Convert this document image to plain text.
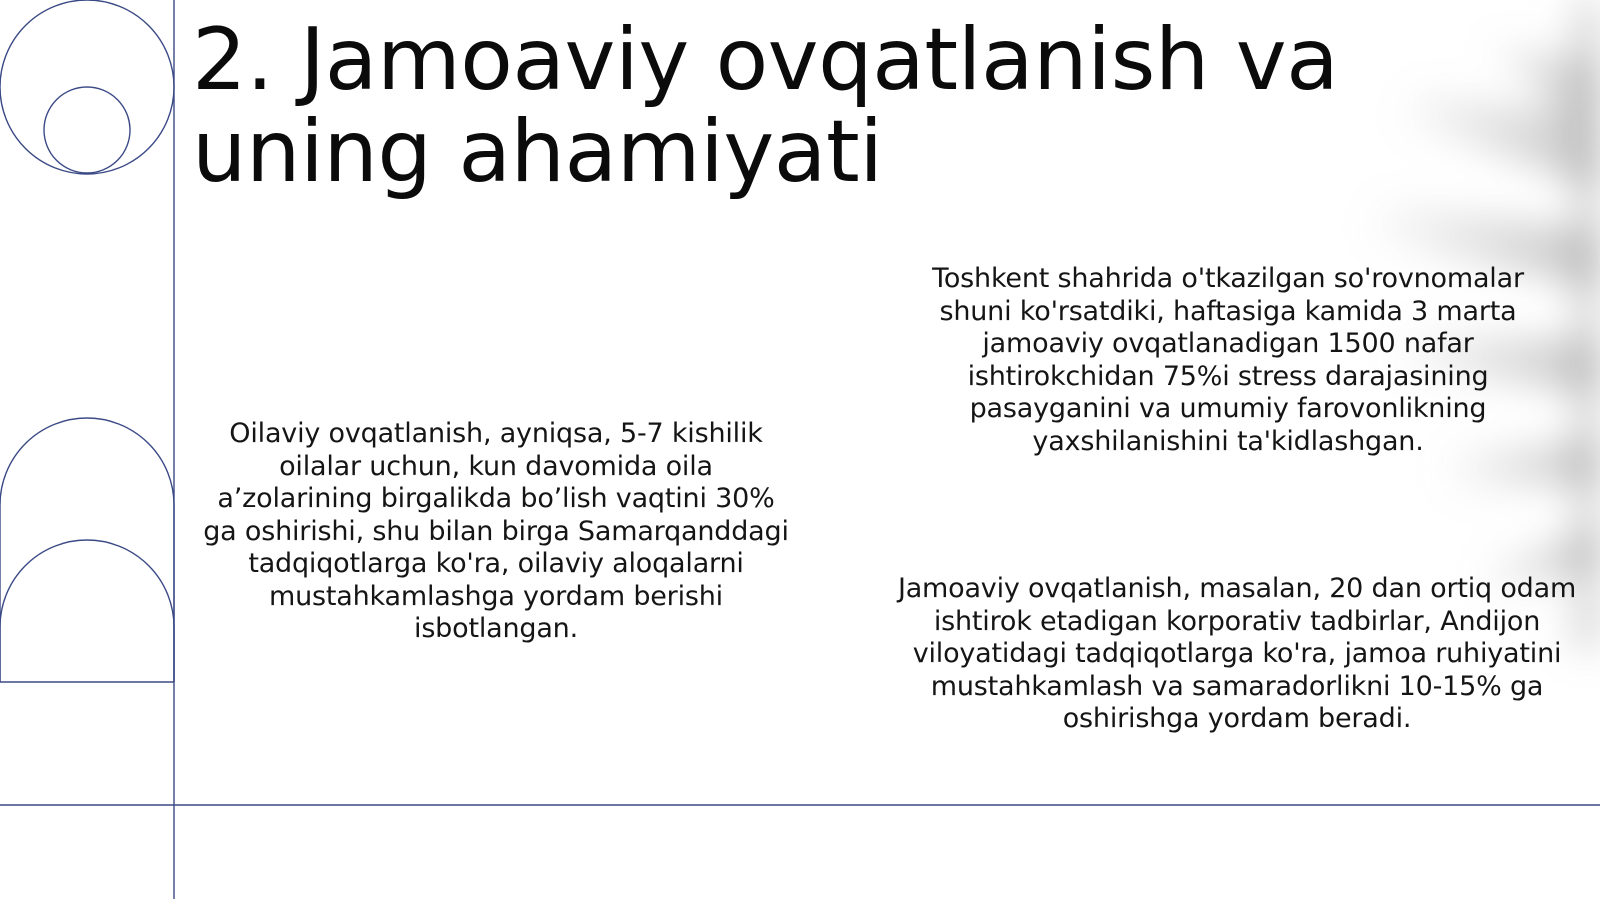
2. Jamoaviy ovqatlanish va uning ahamiyati

Oilaviy ovqatlanish, ayniqsa, 5-7 kishilik oilalar uchun, kun davomida oila a’zolarining birgalikda bo’lish vaqtini 30% ga oshirishi, shu bilan birga Samarqanddagi tadqiqotlarga ko'ra, oilaviy aloqalarni mustahkamlashga yordam berishi isbotlangan.

Toshkent shahrida o'tkazilgan so'rovnomalar shuni ko'rsatdiki, haftasiga kamida 3 marta jamoaviy ovqatlanadigan 1500 nafar ishtirokchidan 75%i stress darajasining pasayganini va umumiy farovonlikning yaxshilanishini ta'kidlashgan.

Jamoaviy ovqatlanish, masalan, 20 dan ortiq odam ishtirok etadigan korporativ tadbirlar, Andijon viloyatidagi tadqiqotlarga ko'ra, jamoa ruhiyatini mustahkamlash va samaradorlikni 10-15% ga oshirishga yordam beradi.
